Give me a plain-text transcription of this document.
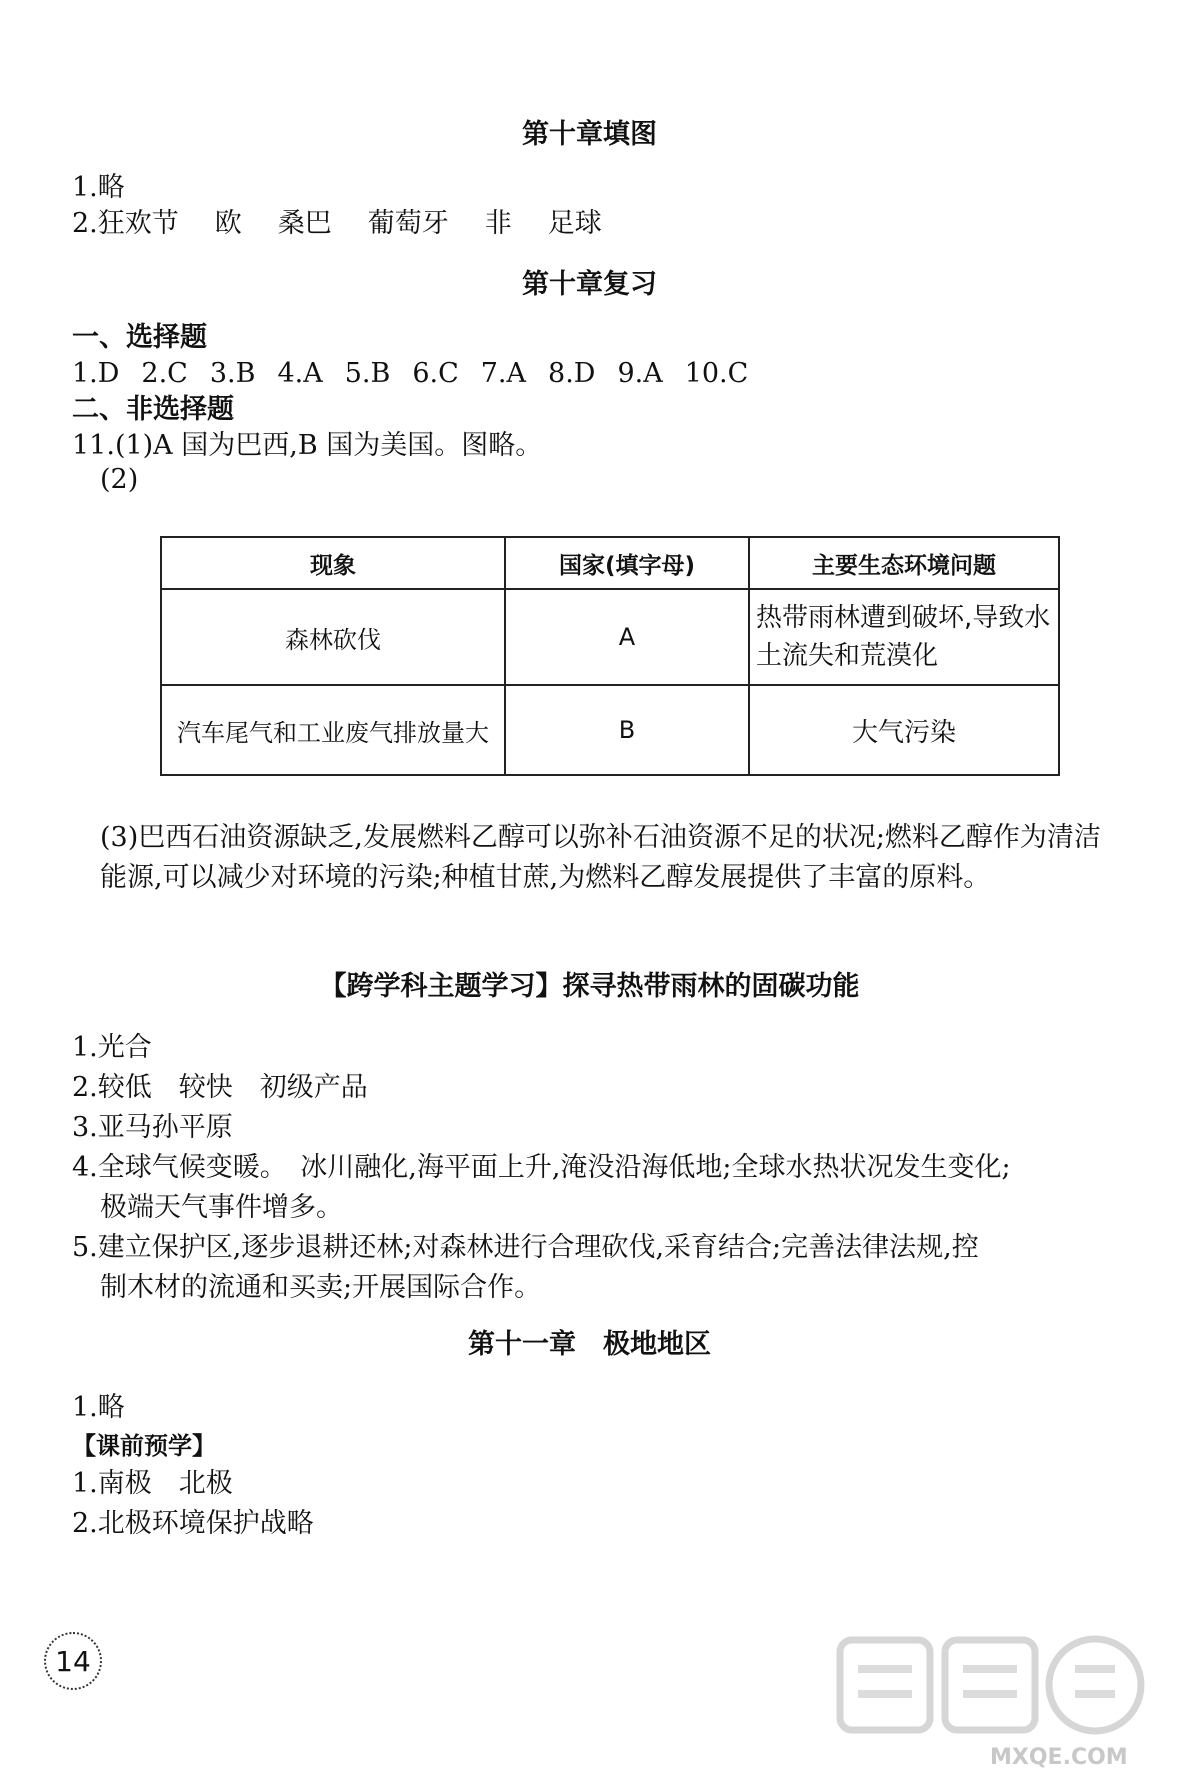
第十章填图
1.略
2.狂欢节 欧 桑巴 葡萄牙 非 足球
第十章复习
一、选择题
1.D 2.C 3.B 4.A 5.B 6.C 7.A 8.D 9.A 10.C
二、非选择题
11.(1)A 国为巴西,B 国为美国。图略。
(2)
现象	国家(填字母)	主要生态环境问题
森林砍伐	A	热带雨林遭到破坏,导致水土流失和荒漠化
汽车尾气和工业废气排放量大	B	大气污染
(3)巴西石油资源缺乏,发展燃料乙醇可以弥补石油资源不足的状况;燃料乙醇作为清洁能源,可以减少对环境的污染;种植甘蔗,为燃料乙醇发展提供了丰富的原料。
【跨学科主题学习】探寻热带雨林的固碳功能
1.光合
2.较低　较快　初级产品
3.亚马孙平原
4.全球气候变暖。　冰川融化,海平面上升,淹没沿海低地;全球水热状况发生变化;
极端天气事件增多。
5.建立保护区,逐步退耕还林;对森林进行合理砍伐,采育结合;完善法律法规,控
制木材的流通和买卖;开展国际合作。
第十一章　极地地区
1.略
【课前预学】
1.南极　北极
2.北极环境保护战略
14
MXQE.COM
